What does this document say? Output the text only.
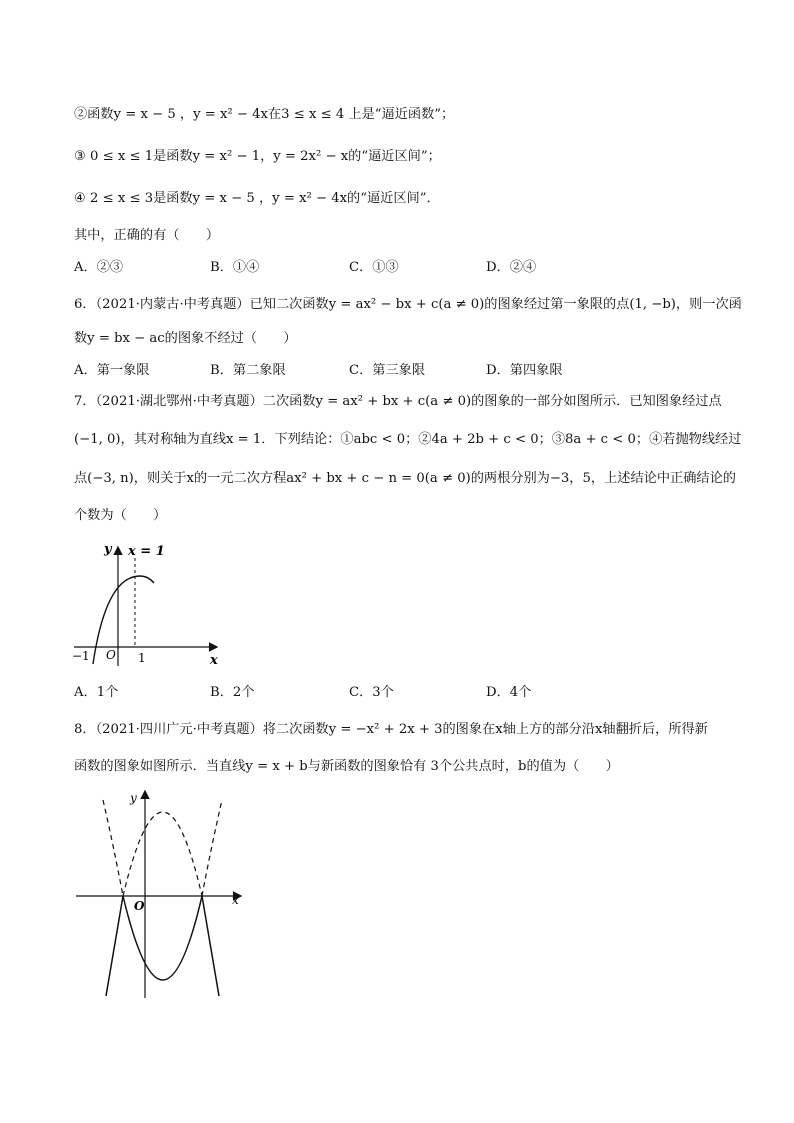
②函数y = x − 5 ，y = x² − 4x在3 ≤ x ≤ 4 上是“逼近函数”；
③ 0 ≤ x ≤ 1是函数y = x² − 1，y = 2x² − x的“逼近区间”；
④ 2 ≤ x ≤ 3是函数y = x − 5 ，y = x² − 4x的“逼近区间”．
其中，正确的有（　　）
A．②③	B．①④	C．①③	D．②④
6．（2021·内蒙古·中考真题）已知二次函数y = ax² − bx + c(a ≠ 0)的图象经过第一象限的点(1, −b)，则一次函
数y = bx − ac的图象不经过（　　）
A．第一象限	B．第二象限	C．第三象限	D．第四象限
7．（2021·湖北鄂州·中考真题）二次函数y = ax² + bx + c(a ≠ 0)的图象的一部分如图所示．已知图象经过点
(−1, 0)，其对称轴为直线x = 1．下列结论：①abc < 0；②4a + 2b + c < 0；③8a + c < 0；④若抛物线经过
点(−3, n)，则关于x的一元二次方程ax² + bx + c − n = 0(a ≠ 0)的两根分别为−3，5，上述结论中正确结论的
个数为（　　）
y x = 1
−1 O 1	x
A．1个	B．2个	C．3个	D．4个
8．（2021·四川广元·中考真题）将二次函数y = −x² + 2x + 3的图象在x轴上方的部分沿x轴翻折后，所得新
函数的图象如图所示．当直线y = x + b与新函数的图象恰有 3个公共点时，b的值为（　　）
y
O	x
